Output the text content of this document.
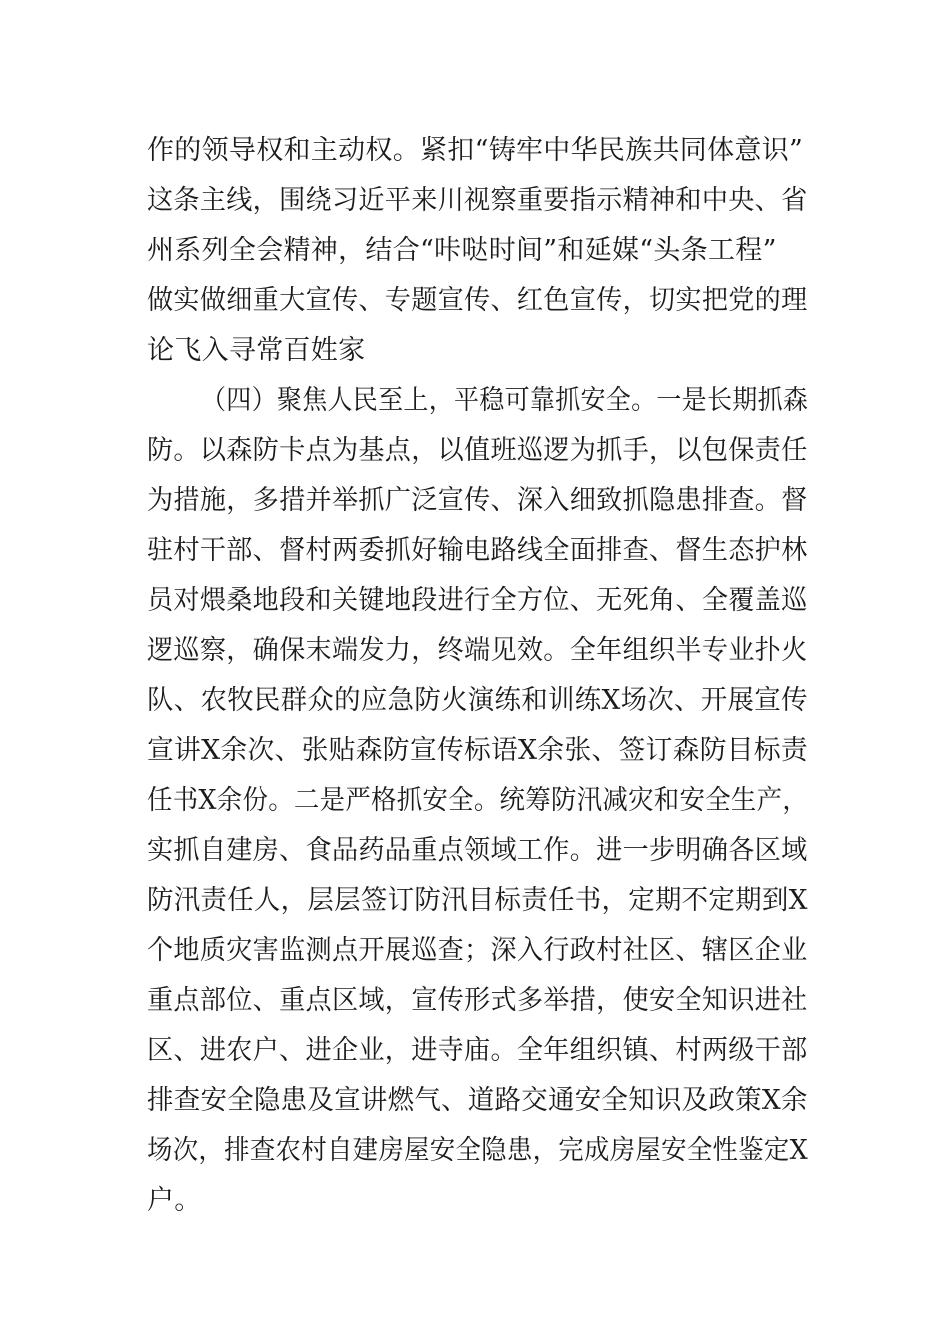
作的领导权和主动权。紧扣“铸牢中华民族共同体意识”

这条主线，围绕习近平来川视察重要指示精神和中央、省

州系列全会精神，结合“咔哒时间”和延媒“头条工程”

做实做细重大宣传、专题宣传、红色宣传，切实把党的理

论飞入寻常百姓家

（四）聚焦人民至上，平稳可靠抓安全。一是长期抓森

防。以森防卡点为基点，以值班巡逻为抓手，以包保责任

为措施，多措并举抓广泛宣传、深入细致抓隐患排查。督

驻村干部、督村两委抓好输电路线全面排查、督生态护林

员对煨桑地段和关键地段进行全方位、无死角、全覆盖巡

逻巡察，确保末端发力，终端见效。全年组织半专业扑火

队、农牧民群众的应急防火演练和训练X场次、开展宣传

宣讲X余次、张贴森防宣传标语X余张、签订森防目标责

任书X余份。二是严格抓安全。统筹防汛减灾和安全生产，

实抓自建房、食品药品重点领域工作。进一步明确各区域

防汛责任人，层层签订防汛目标责任书，定期不定期到X

个地质灾害监测点开展巡查；深入行政村社区、辖区企业

重点部位、重点区域，宣传形式多举措，使安全知识进社

区、进农户、进企业，进寺庙。全年组织镇、村两级干部

排查安全隐患及宣讲燃气、道路交通安全知识及政策X余

场次，排查农村自建房屋安全隐患，完成房屋安全性鉴定X

户。
